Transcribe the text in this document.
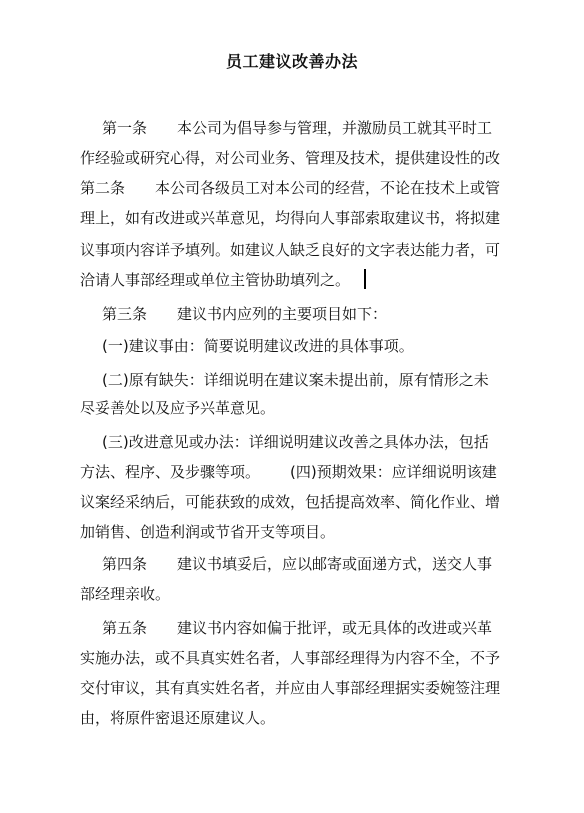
员工建议改善办法
第一条 本公司为倡导参与管理，并激励员工就其平时工
作经验或研究心得，对公司业务、管理及技术，提供建设性的改
第二条 本公司各级员工对本公司的经营，不论在技术上或管
理上，如有改进或兴革意见，均得向人事部索取建议书，将拟建
议事项内容详予填列。如建议人缺乏良好的文字表达能力者，可
洽请人事部经理或单位主管协助填列之。
第三条 建议书内应列的主要项目如下：
(一)建议事由：简要说明建议改进的具体事项。
(二)原有缺失：详细说明在建议案未提出前，原有情形之未
尽妥善处以及应予兴革意见。
(三)改进意见或办法：详细说明建议改善之具体办法，包括
方法、程序、及步骤等项。 (四)预期效果：应详细说明该建
议案经采纳后，可能获致的成效，包括提高效率、简化作业、增
加销售、创造利润或节省开支等项目。
第四条 建议书填妥后，应以邮寄或面递方式，送交人事
部经理亲收。
第五条 建议书内容如偏于批评，或无具体的改进或兴革
实施办法，或不具真实姓名者，人事部经理得为内容不全，不予
交付审议，其有真实姓名者，并应由人事部经理据实委婉签注理
由，将原件密退还原建议人。
